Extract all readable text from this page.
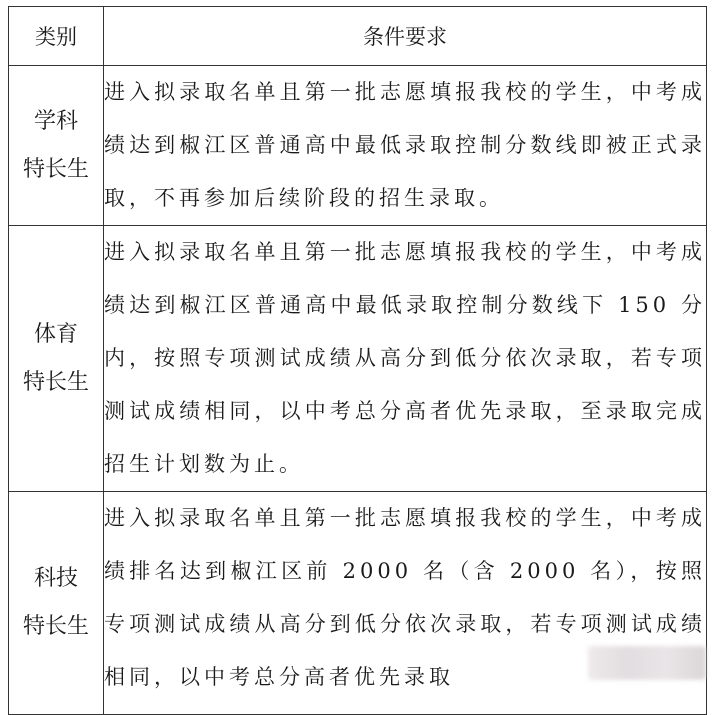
类别	条件要求

学科
特长生	进入拟录取名单且第一批志愿填报我校的学生，中考成绩达到椒江区普通高中最低录取控制分数线即被正式录取，不再参加后续阶段的招生录取。

体育
特长生	进入拟录取名单且第一批志愿填报我校的学生，中考成绩达到椒江区普通高中最低录取控制分数线下 150 分内，按照专项测试成绩从高分到低分依次录取，若专项测试成绩相同，以中考总分高者优先录取，至录取完成招生计划数为止。

科技
特长生	进入拟录取名单且第一批志愿填报我校的学生，中考成绩排名达到椒江区前 2000 名（含 2000 名），按照专项测试成绩从高分到低分依次录取，若专项测试成绩相同，以中考总分高者优先录取
